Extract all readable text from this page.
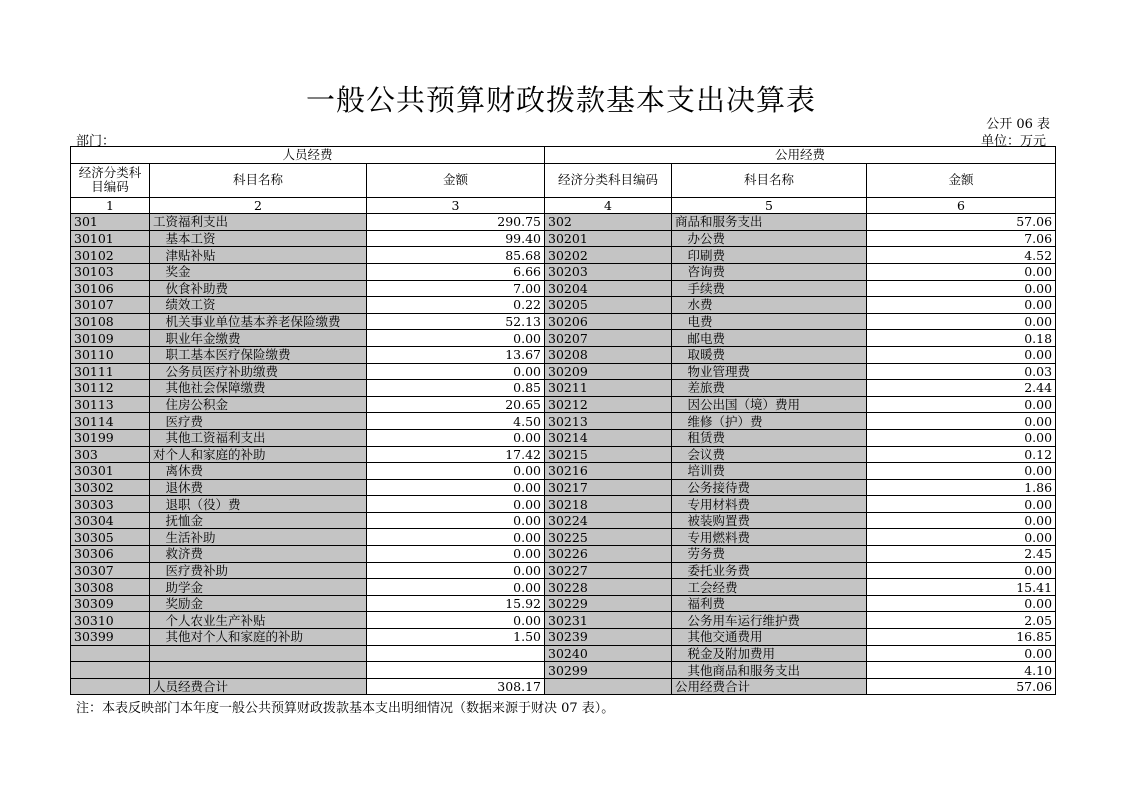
一般公共预算财政拨款基本支出决算表
公开 06 表
部门：	单位：万元
人员经费			公用经费		
经济分类科目编码	科目名称	金额	经济分类科目编码	科目名称	金额
1	2	3	4	5	6
301	工资福利支出	290.75	302	商品和服务支出	57.06
30101	　基本工资	99.40	30201	　办公费	7.06
30102	　津贴补贴	85.68	30202	　印刷费	4.52
30103	　奖金	6.66	30203	　咨询费	0.00
30106	　伙食补助费	7.00	30204	　手续费	0.00
30107	　绩效工资	0.22	30205	　水费	0.00
30108	　机关事业单位基本养老保险缴费	52.13	30206	　电费	0.00
30109	　职业年金缴费	0.00	30207	　邮电费	0.18
30110	　职工基本医疗保险缴费	13.67	30208	　取暖费	0.00
30111	　公务员医疗补助缴费	0.00	30209	　物业管理费	0.03
30112	　其他社会保障缴费	0.85	30211	　差旅费	2.44
30113	　住房公积金	20.65	30212	　因公出国（境）费用	0.00
30114	　医疗费	4.50	30213	　维修（护）费	0.00
30199	　其他工资福利支出	0.00	30214	　租赁费	0.00
303	对个人和家庭的补助	17.42	30215	　会议费	0.12
30301	　离休费	0.00	30216	　培训费	0.00
30302	　退休费	0.00	30217	　公务接待费	1.86
30303	　退职（役）费	0.00	30218	　专用材料费	0.00
30304	　抚恤金	0.00	30224	　被装购置费	0.00
30305	　生活补助	0.00	30225	　专用燃料费	0.00
30306	　救济费	0.00	30226	　劳务费	2.45
30307	　医疗费补助	0.00	30227	　委托业务费	0.00
30308	　助学金	0.00	30228	　工会经费	15.41
30309	　奖励金	15.92	30229	　福利费	0.00
30310	　个人农业生产补贴	0.00	30231	　公务用车运行维护费	2.05
30399	　其他对个人和家庭的补助	1.50	30239	　其他交通费用	16.85
			30240	　税金及附加费用	0.00
			30299	　其他商品和服务支出	4.10
	人员经费合计	308.17		公用经费合计	57.06
注：本表反映部门本年度一般公共预算财政拨款基本支出明细情况（数据来源于财决 07 表）。
